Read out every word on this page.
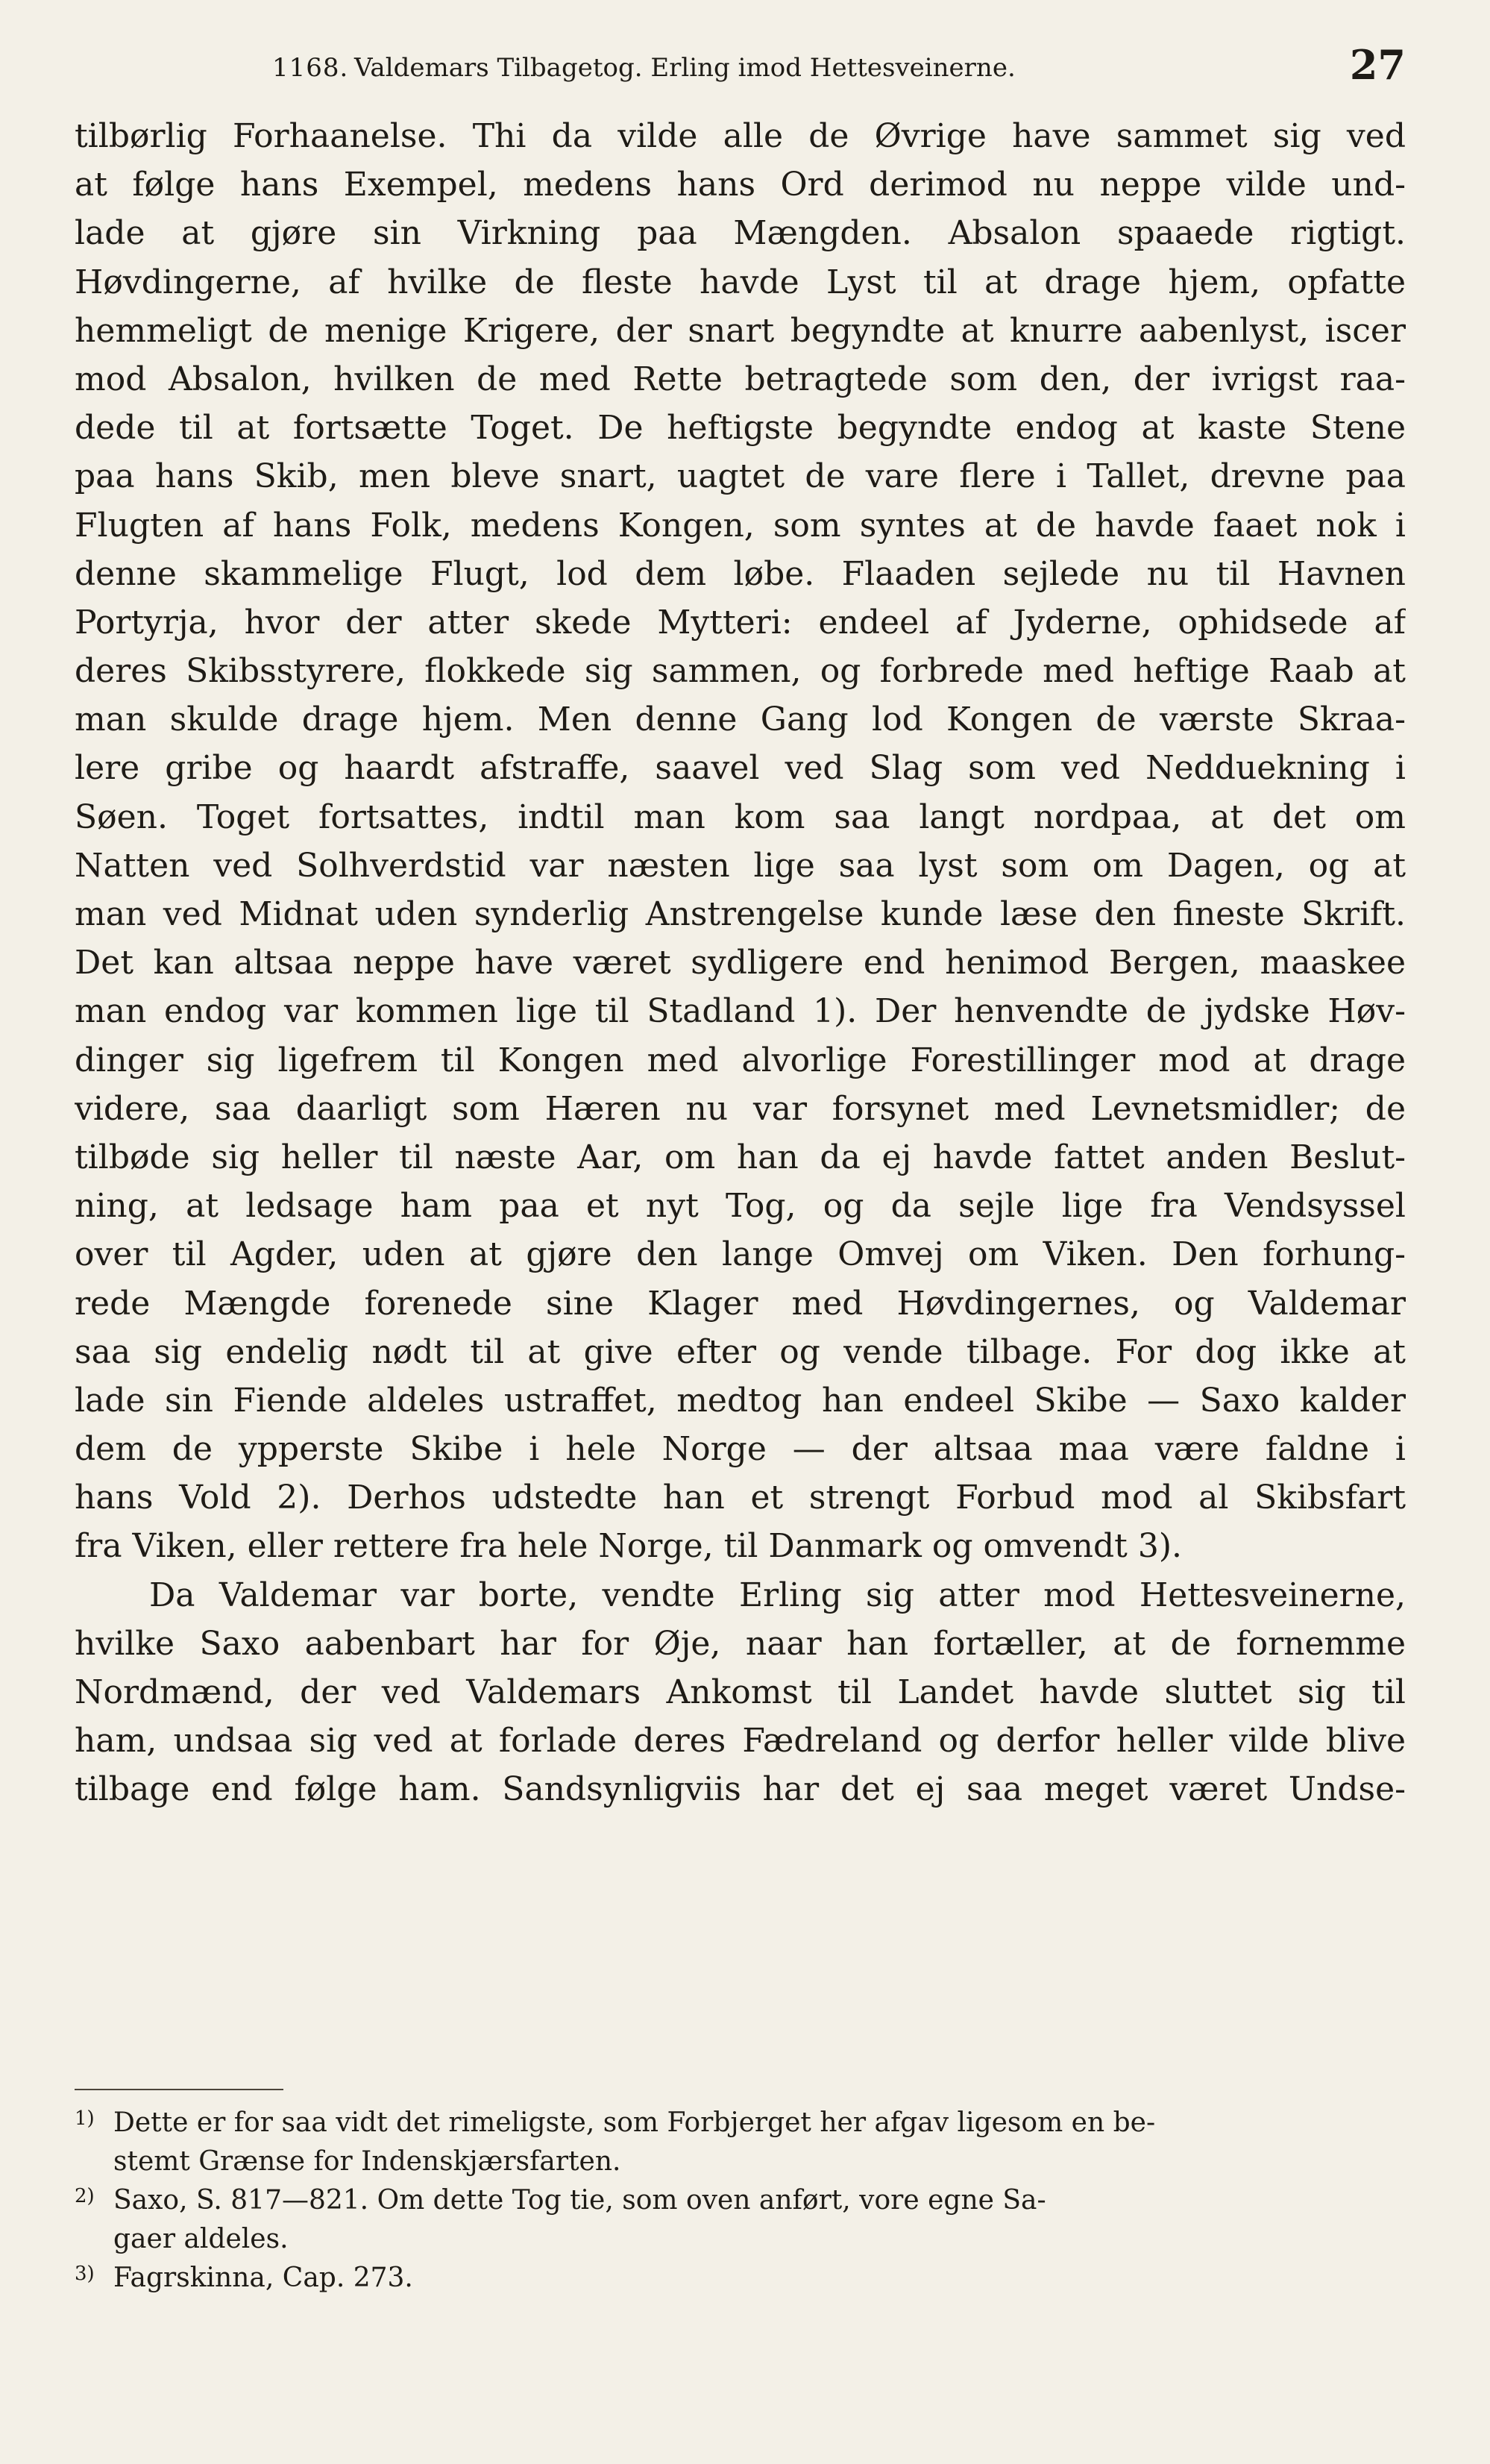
1168. Valdemars Tilbagetog. Erling imod Hettesveinerne.	27
tilbørlig Forhaanelse. Thi da vilde alle de Øvrige have sammet sig ved
at følge hans Exempel, medens hans Ord derimod nu neppe vilde und-
lade at gjøre sin Virkning paa Mængden. Absalon spaaede rigtigt.
Høvdingerne, af hvilke de fleste havde Lyst til at drage hjem, opfatte
hemmeligt de menige Krigere, der snart begyndte at knurre aabenlyst, iscer
mod Absalon, hvilken de med Rette betragtede som den, der ivrigst raa-
dede til at fortsætte Toget. De heftigste begyndte endog at kaste Stene
paa hans Skib, men bleve snart, uagtet de vare flere i Tallet, drevne paa
Flugten af hans Folk, medens Kongen, som syntes at de havde faaet nok i
denne skammelige Flugt, lod dem løbe. Flaaden sejlede nu til Havnen
Portyrja, hvor der atter skede Mytteri: endeel af Jyderne, ophidsede af
deres Skibsstyrere, flokkede sig sammen, og forbrede med heftige Raab at
man skulde drage hjem. Men denne Gang lod Kongen de værste Skraa-
lere gribe og haardt afstraffe, saavel ved Slag som ved Nedduekning i
Søen. Toget fortsattes, indtil man kom saa langt nordpaa, at det om
Natten ved Solhverdstid var næsten lige saa lyst som om Dagen, og at
man ved Midnat uden synderlig Anstrengelse kunde læse den fineste Skrift.
Det kan altsaa neppe have været sydligere end henimod Bergen, maaskee
man endog var kommen lige til Stadland 1). Der henvendte de jydske Høv-
dinger sig ligefrem til Kongen med alvorlige Forestillinger mod at drage
videre, saa daarligt som Hæren nu var forsynet med Levnetsmidler; de
tilbøde sig heller til næste Aar, om han da ej havde fattet anden Beslut-
ning, at ledsage ham paa et nyt Tog, og da sejle lige fra Vendsyssel
over til Agder, uden at gjøre den lange Omvej om Viken. Den forhung-
rede Mængde forenede sine Klager med Høvdingernes, og Valdemar
saa sig endelig nødt til at give efter og vende tilbage. For dog ikke at
lade sin Fiende aldeles ustraffet, medtog han endeel Skibe — Saxo kalder
dem de ypperste Skibe i hele Norge — der altsaa maa være faldne i
hans Vold 2). Derhos udstedte han et strengt Forbud mod al Skibsfart
fra Viken, eller rettere fra hele Norge, til Danmark og omvendt 3).
Da Valdemar var borte, vendte Erling sig atter mod Hettesveinerne,
hvilke Saxo aabenbart har for Øje, naar han fortæller, at de fornemme
Nordmænd, der ved Valdemars Ankomst til Landet havde sluttet sig til
ham, undsaa sig ved at forlade deres Fædreland og derfor heller vilde blive
tilbage end følge ham. Sandsynligviis har det ej saa meget været Undse-
1) Dette er for saa vidt det rimeligste, som Forbjerget her afgav ligesom en be-
stemt Grænse for Indenskjærsfarten.
2) Saxo, S. 817—821. Om dette Tog tie, som oven anført, vore egne Sa-
gaer aldeles.
3) Fagrskinna, Cap. 273.
